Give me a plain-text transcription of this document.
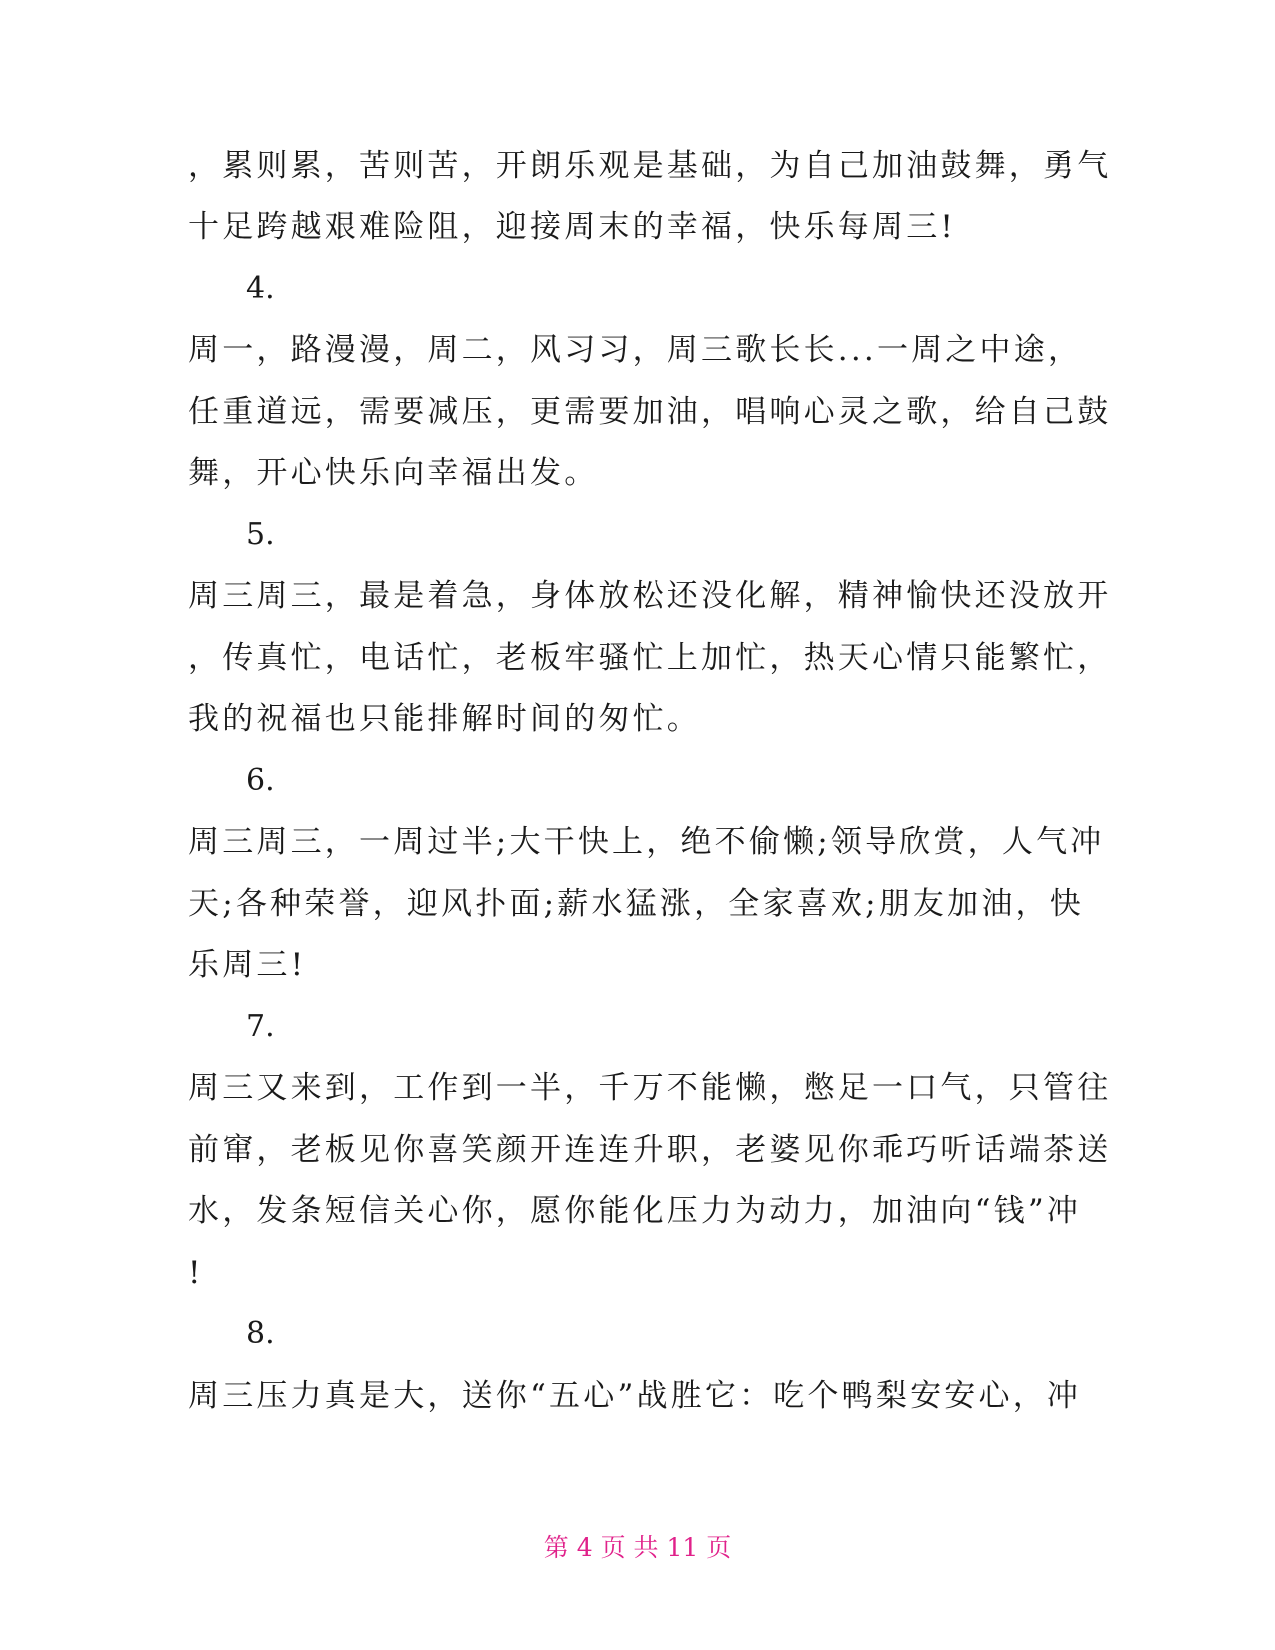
，累则累，苦则苦，开朗乐观是基础，为自己加油鼓舞，勇气
十足跨越艰难险阻，迎接周末的幸福，快乐每周三!
4.
周一，路漫漫，周二，风习习，周三歌长长...一周之中途，
任重道远，需要减压，更需要加油，唱响心灵之歌，给自己鼓
舞，开心快乐向幸福出发。
5.
周三周三，最是着急，身体放松还没化解，精神愉快还没放开
，传真忙，电话忙，老板牢骚忙上加忙，热天心情只能繁忙，
我的祝福也只能排解时间的匆忙。
6.
周三周三，一周过半;大干快上，绝不偷懒;领导欣赏，人气冲
天;各种荣誉，迎风扑面;薪水猛涨，全家喜欢;朋友加油，快
乐周三!
7.
周三又来到，工作到一半，千万不能懒，憋足一口气，只管往
前窜，老板见你喜笑颜开连连升职，老婆见你乖巧听话端茶送
水，发条短信关心你，愿你能化压力为动力，加油向“钱”冲
!
8.
周三压力真是大，送你“五心”战胜它：吃个鸭梨安安心，冲
第 4 页 共 11 页
